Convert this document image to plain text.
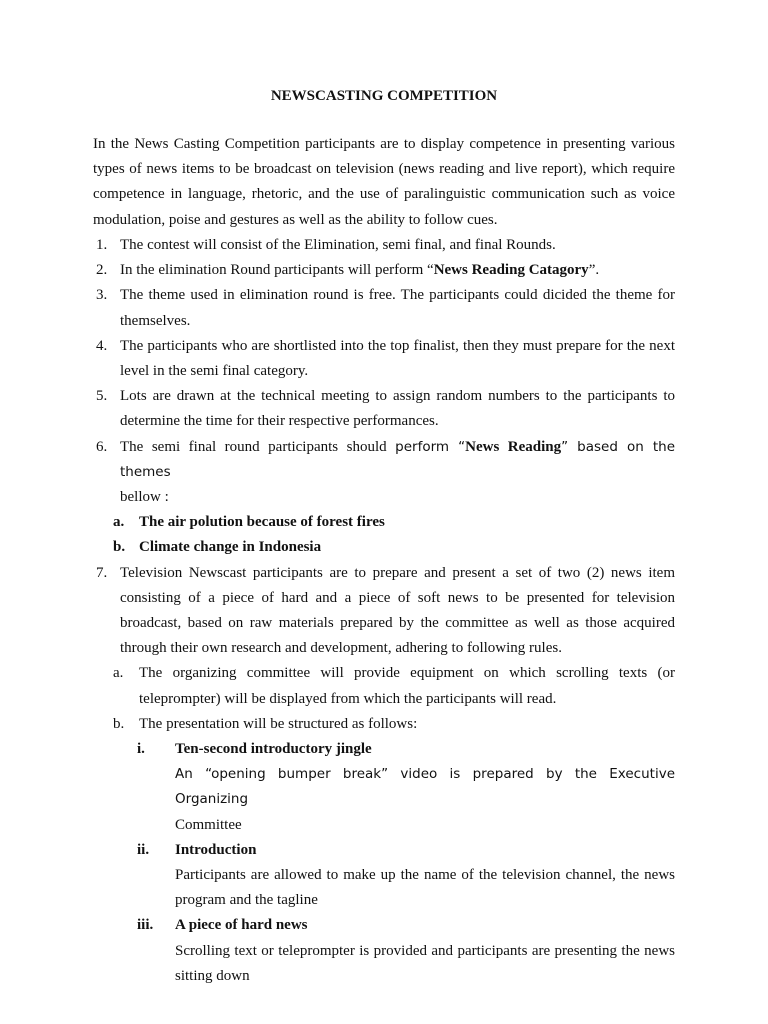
NEWSCASTING COMPETITION
In the News Casting Competition participants are to display competence in presenting various types of news items to be broadcast on television (news reading and live report), which require competence in language, rhetoric, and the use of paralinguistic communication such as voice modulation, poise and gestures as well as the ability to follow cues.
1. The contest will consist of the Elimination, semi final, and final Rounds.
2. In the elimination Round participants will perform “News Reading Catagory”.
3. The theme used in elimination round is free. The participants could dicided the theme for themselves.
4. The participants who are shortlisted into the top finalist, then they must prepare for the next level in the semi final category.
5. Lots are drawn at the technical meeting to assign random numbers to the participants to determine the time for their respective performances.
6. The semi final round participants should perform “News Reading” based on the themes
bellow :
a. The air polution because of forest fires
b. Climate change in Indonesia
7. Television Newscast participants are to prepare and present a set of two (2) news item consisting of a piece of hard and a piece of soft news to be presented for television broadcast, based on raw materials prepared by the committee as well as those acquired through their own research and development, adhering to following rules.
a. The organizing committee will provide equipment on which scrolling texts (or teleprompter) will be displayed from which the participants will read.
b. The presentation will be structured as follows:
i. Ten-second introductory jingle
An “opening bumper break” video is prepared by the Executive Organizing
Committee
ii. Introduction
Participants are allowed to make up the name of the television channel, the news program and the tagline
iii. A piece of hard news
Scrolling text or teleprompter is provided and participants are presenting the news sitting down
